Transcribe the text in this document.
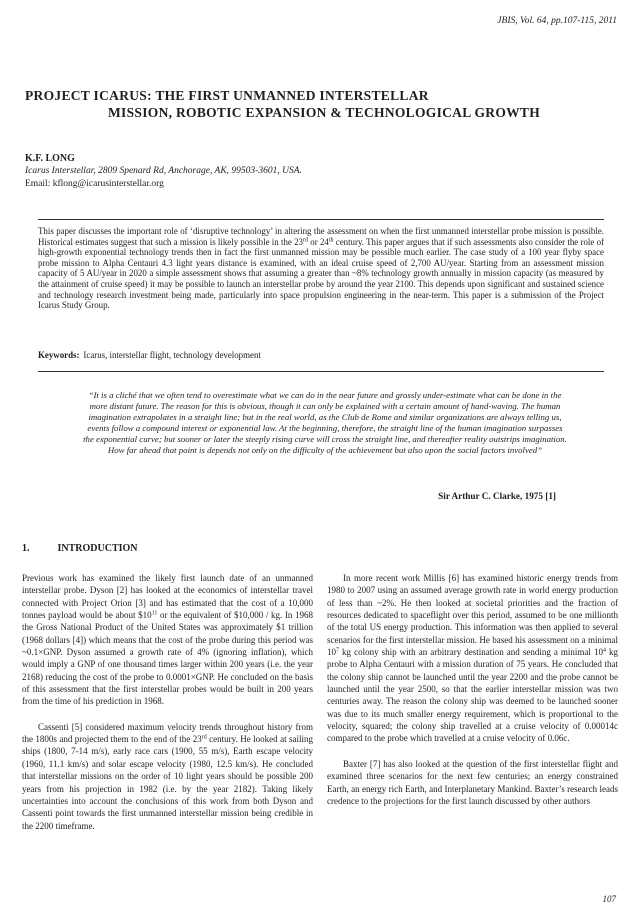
JBIS, Vol. 64, pp.107-115, 2011
PROJECT ICARUS: THE FIRST UNMANNED INTERSTELLAR
MISSION, ROBOTIC EXPANSION & TECHNOLOGICAL GROWTH
K.F. LONG
Icarus Interstellar, 2809 Spenard Rd, Anchorage, AK, 99503-3601, USA.
Email: kflong@icarusinterstellar.org
This paper discusses the important role of ‘disruptive technology’ in altering the assessment on when the first unmanned interstellar probe mission is possible. Historical estimates suggest that such a mission is likely possible in the 23rd or 24th century. This paper argues that if such assessments also consider the role of high-growth exponential technology trends then in fact the first unmanned mission may be possible much earlier. The case study of a 100 year flyby space probe mission to Alpha Centauri 4.3 light years distance is examined, with an ideal cruise speed of 2,700 AU/year. Starting from an assessment mission capacity of 5 AU/year in 2020 a simple assessment shows that assuming a greater than ~8% technology growth annually in mission capacity (as measured by the attainment of cruise speed) it may be possible to launch an interstellar probe by around the year 2100. This depends upon significant and sustained science and technology research investment being made, particularly into space propulsion engineering in the near-term. This paper is a submission of the Project Icarus Study Group.
Keywords: Icarus, interstellar flight, technology development
“It is a cliché that we often tend to overestimate what we can do in the near future and grossly under-estimate what can be done in the more distant future. The reason for this is obvious, though it can only be explained with a certain amount of hand-waving. The human imagination extrapolates in a straight line; but in the real world, as the Club de Rome and similar organizations are always telling us, events follow a compound interest or exponential law. At the beginning, therefore, the straight line of the human imagination surpasses the exponential curve; but sooner or later the steeply rising curve will cross the straight line, and thereafter reality outstrips imagination. How far ahead that point is depends not only on the difficulty of the achievement but also upon the social factors involved”
Sir Arthur C. Clarke, 1975 [1]
1.	INTRODUCTION

Previous work has examined the likely first launch date of an unmanned interstellar probe. Dyson [2] has looked at the economics of interstellar travel connected with Project Orion [3] and has estimated that the cost of a 10,000 tonnes payload would be about $\$10^{11}$ or the equivalent of $10,000 / kg. In 1968 the Gross National Product of the United States was approximately $1 trillion (1968 dollars [4]) which means that the cost of the probe during this period was ~0.1×GNP. Dyson assumed a growth rate of 4% (ignoring inflation), which would imply a GNP of one thousand times larger within 200 years (i.e. the year 2168) reducing the cost of the probe to 0.0001×GNP. He concluded on the basis of this assessment that the first interstellar probes would be built in 200 years from the time of his prediction in 1968.

Cassenti [5] considered maximum velocity trends throughout history from the 1800s and projected them to the end of the 23rd century. He looked at sailing ships (1800, 7-14 m/s), early race cars (1900, 55 m/s), Earth escape velocity (1960, 11.1 km/s) and solar escape velocity (1980, 12.5 km/s). He concluded that interstellar missions on the order of 10 light years should be possible 200 years from his projection in 1982 (i.e. by the year 2182). Taking likely uncertainties into account the conclusions of this work from both Dyson and Cassenti point towards the first unmanned interstellar mission being credible in the 2200 timeframe.

In more recent work Millis [6] has examined historic energy trends from 1980 to 2007 using an assumed average growth rate in world energy production of less than ~2%. He then looked at societal priorities and the fraction of resources dedicated to spaceflight over this period, assumed to be one millionth of the total US energy production. This information was then applied to several scenarios for the first interstellar mission. He based his assessment on a minimal $10^7$ kg colony ship with an arbitrary destination and sending a minimal $10^4$ kg probe to Alpha Centauri with a mission duration of 75 years. He concluded that the colony ship cannot be launched until the year 2200 and the probe cannot be launched until the year 2500, so that the earlier interstellar mission was two centuries away. The reason the colony ship was deemed to be launched sooner was due to its much smaller energy requirement, which is proportional to the velocity, squared; the colony ship travelled at a cruise velocity of 0.00014c compared to the probe which travelled at a cruise velocity of 0.06c.

Baxter [7] has also looked at the question of the first interstellar flight and examined three scenarios for the next few centuries; an energy constrained Earth, an energy rich Earth, and Interplanetary Mankind. Baxter’s research leads credence to the projections for the first launch discussed by other authors

107
